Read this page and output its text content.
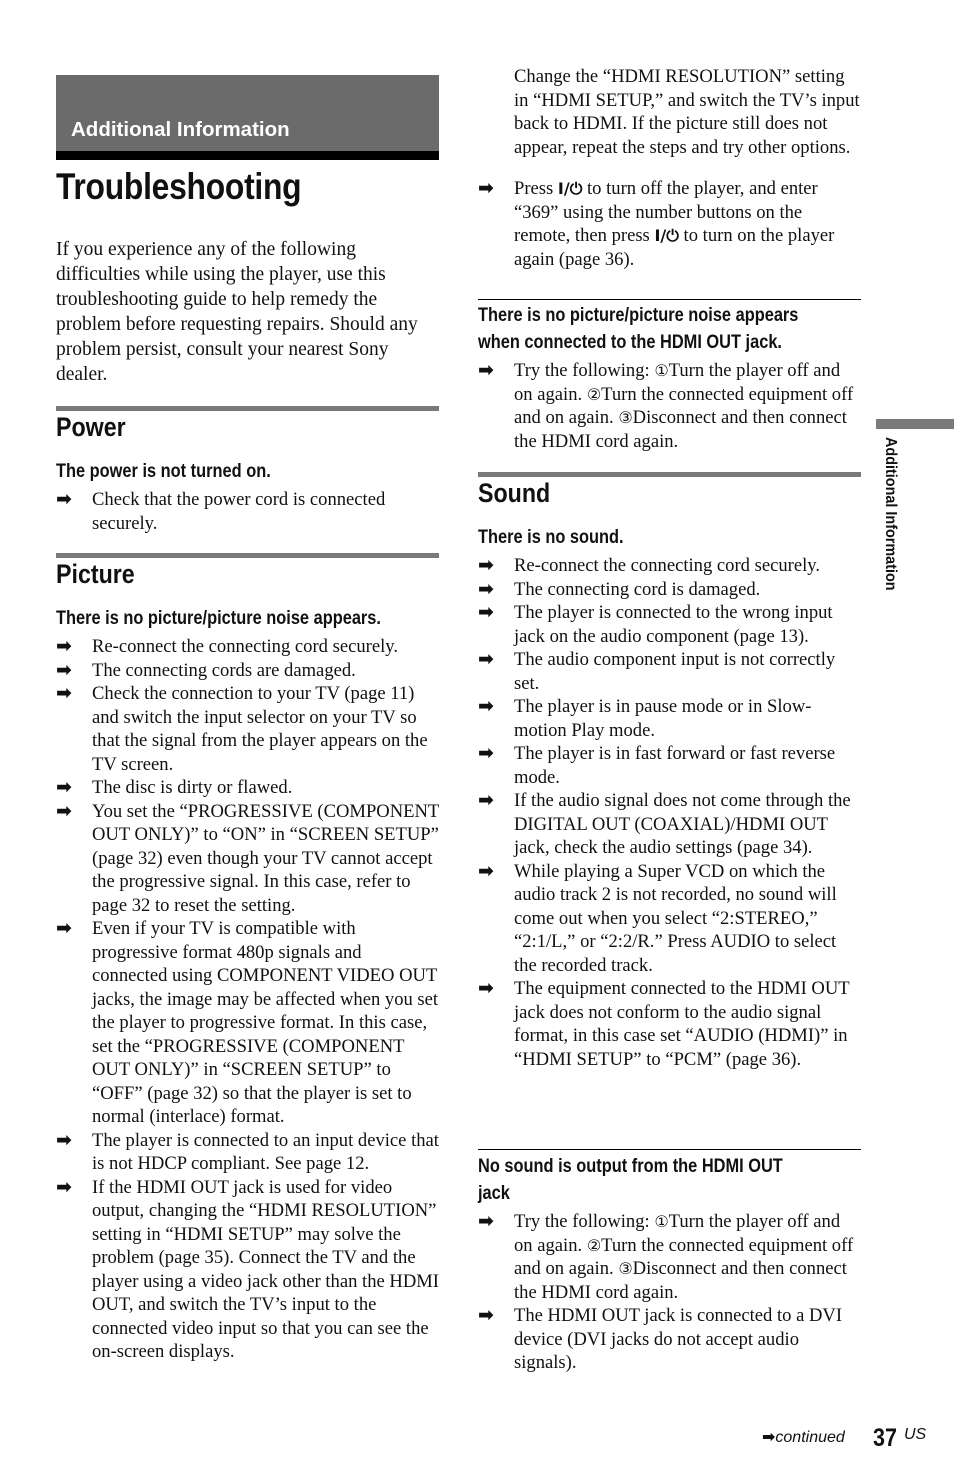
Additional Information
Troubleshooting

If you experience any of the following difficulties while using the player, use this troubleshooting guide to help remedy the problem before requesting repairs. Should any problem persist, consult your nearest Sony dealer.

Power
The power is not turned on.
➡ Check that the power cord is connected securely.
Picture
There is no picture/picture noise appears.
➡ Re-connect the connecting cord securely.
➡ The connecting cords are damaged.
➡ Check the connection to your TV (page 11) and switch the input selector on your TV so that the signal from the player appears on the TV screen.
➡ The disc is dirty or flawed.
➡ You set the “PROGRESSIVE (COMPONENT OUT ONLY)” to “ON” in “SCREEN SETUP” (page 32) even though your TV cannot accept the progressive signal. In this case, refer to page 32 to reset the setting.
➡ Even if your TV is compatible with progressive format 480p signals and connected using COMPONENT VIDEO OUT jacks, the image may be affected when you set the player to progressive format. In this case, set the “PROGRESSIVE (COMPONENT OUT ONLY)” in “SCREEN SETUP” to “OFF” (page 32) so that the player is set to normal (interlace) format.
➡ The player is connected to an input device that is not HDCP compliant. See page 12.
➡ If the HDMI OUT jack is used for video output, changing the “HDMI RESOLUTION” setting in “HDMI SETUP” may solve the problem (page 35). Connect the TV and the player using a video jack other than the HDMI OUT, and switch the TV’s input to the connected video input so that you can see the on-screen displays.

Change the “HDMI RESOLUTION” setting in “HDMI SETUP,” and switch the TV’s input back to HDMI. If the picture still does not appear, repeat the steps and try other options.

➡ Press I/⏻ to turn off the player, and enter “369” using the number buttons on the remote, then press I/⏻ to turn on the player again (page 36).
There is no picture/picture noise appears
when connected to the HDMI OUT jack.
➡ Try the following: ①Turn the player off and on again. ②Turn the connected equipment off and on again. ③Disconnect and then connect the HDMI cord again.
Sound
There is no sound.
➡ Re-connect the connecting cord securely.
➡ The connecting cord is damaged.
➡ The player is connected to the wrong input jack on the audio component (page 13).
➡ The audio component input is not correctly set.
➡ The player is in pause mode or in Slow-motion Play mode.
➡ The player is in fast forward or fast reverse mode.
➡ If the audio signal does not come through the DIGITAL OUT (COAXIAL)/HDMI OUT jack, check the audio settings (page 34).
➡ While playing a Super VCD on which the audio track 2 is not recorded, no sound will come out when you select “2:STEREO,” “2:1/L,” or “2:2/R.” Press AUDIO to select the recorded track.
➡ The equipment connected to the HDMI OUT jack does not conform to the audio signal format, in this case set “AUDIO (HDMI)” in “HDMI SETUP” to “PCM” (page 36).
No sound is output from the HDMI OUT
jack
➡ Try the following: ①Turn the player off and on again. ②Turn the connected equipment off and on again. ③Disconnect and then connect the HDMI cord again.
➡ The HDMI OUT jack is connected to a DVI device (DVI jacks do not accept audio signals).
Additional Information
➡continued 37 US
